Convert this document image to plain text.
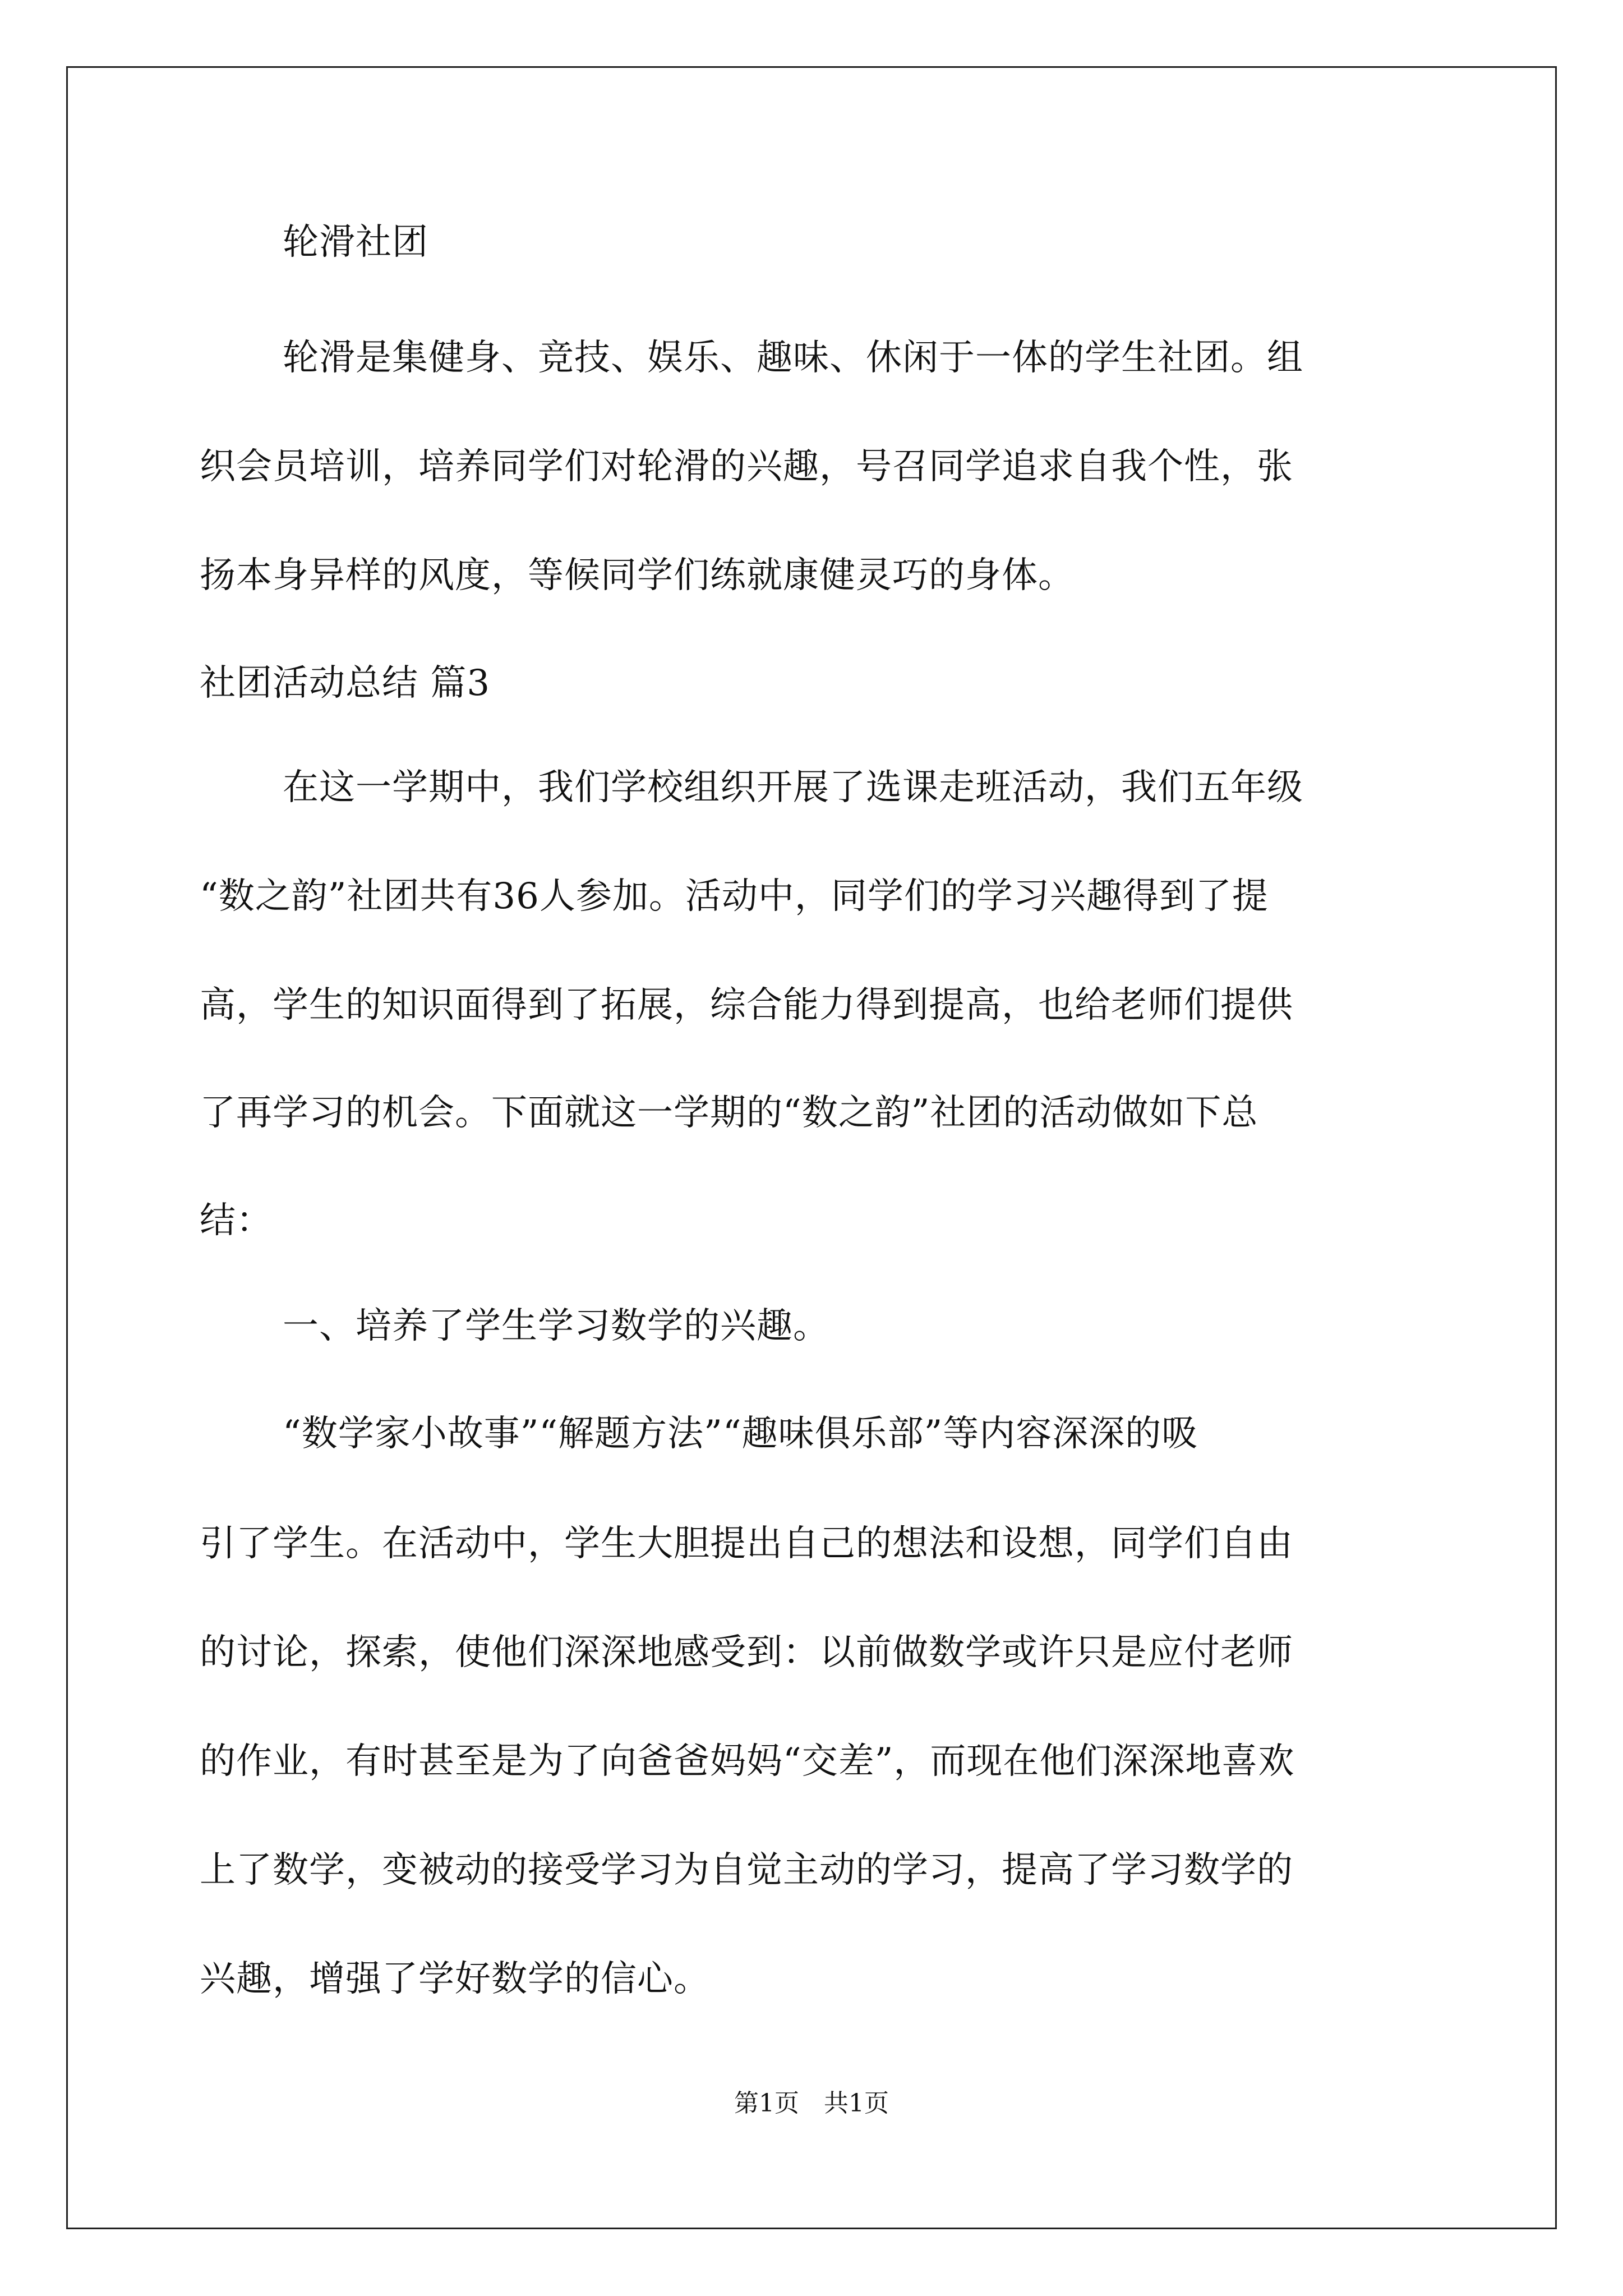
轮滑社团
轮滑是集健身、竞技、娱乐、趣味、休闲于一体的学生社团。组
织会员培训，培养同学们对轮滑的兴趣，号召同学追求自我个性，张
扬本身异样的风度，等候同学们练就康健灵巧的身体。
社团活动总结 篇3
在这一学期中，我们学校组织开展了选课走班活动，我们五年级
“数之韵”社团共有36人参加。活动中，同学们的学习兴趣得到了提
高，学生的知识面得到了拓展，综合能力得到提高，也给老师们提供
了再学习的机会。下面就这一学期的“数之韵”社团的活动做如下总
结：
一、培养了学生学习数学的兴趣。
“数学家小故事”“解题方法”“趣味俱乐部”等内容深深的吸
引了学生。在活动中，学生大胆提出自己的想法和设想，同学们自由
的讨论，探索，使他们深深地感受到：以前做数学或许只是应付老师
的作业，有时甚至是为了向爸爸妈妈“交差”，而现在他们深深地喜欢
上了数学，变被动的接受学习为自觉主动的学习，提高了学习数学的
兴趣，增强了学好数学的信心。
第1页　共1页
